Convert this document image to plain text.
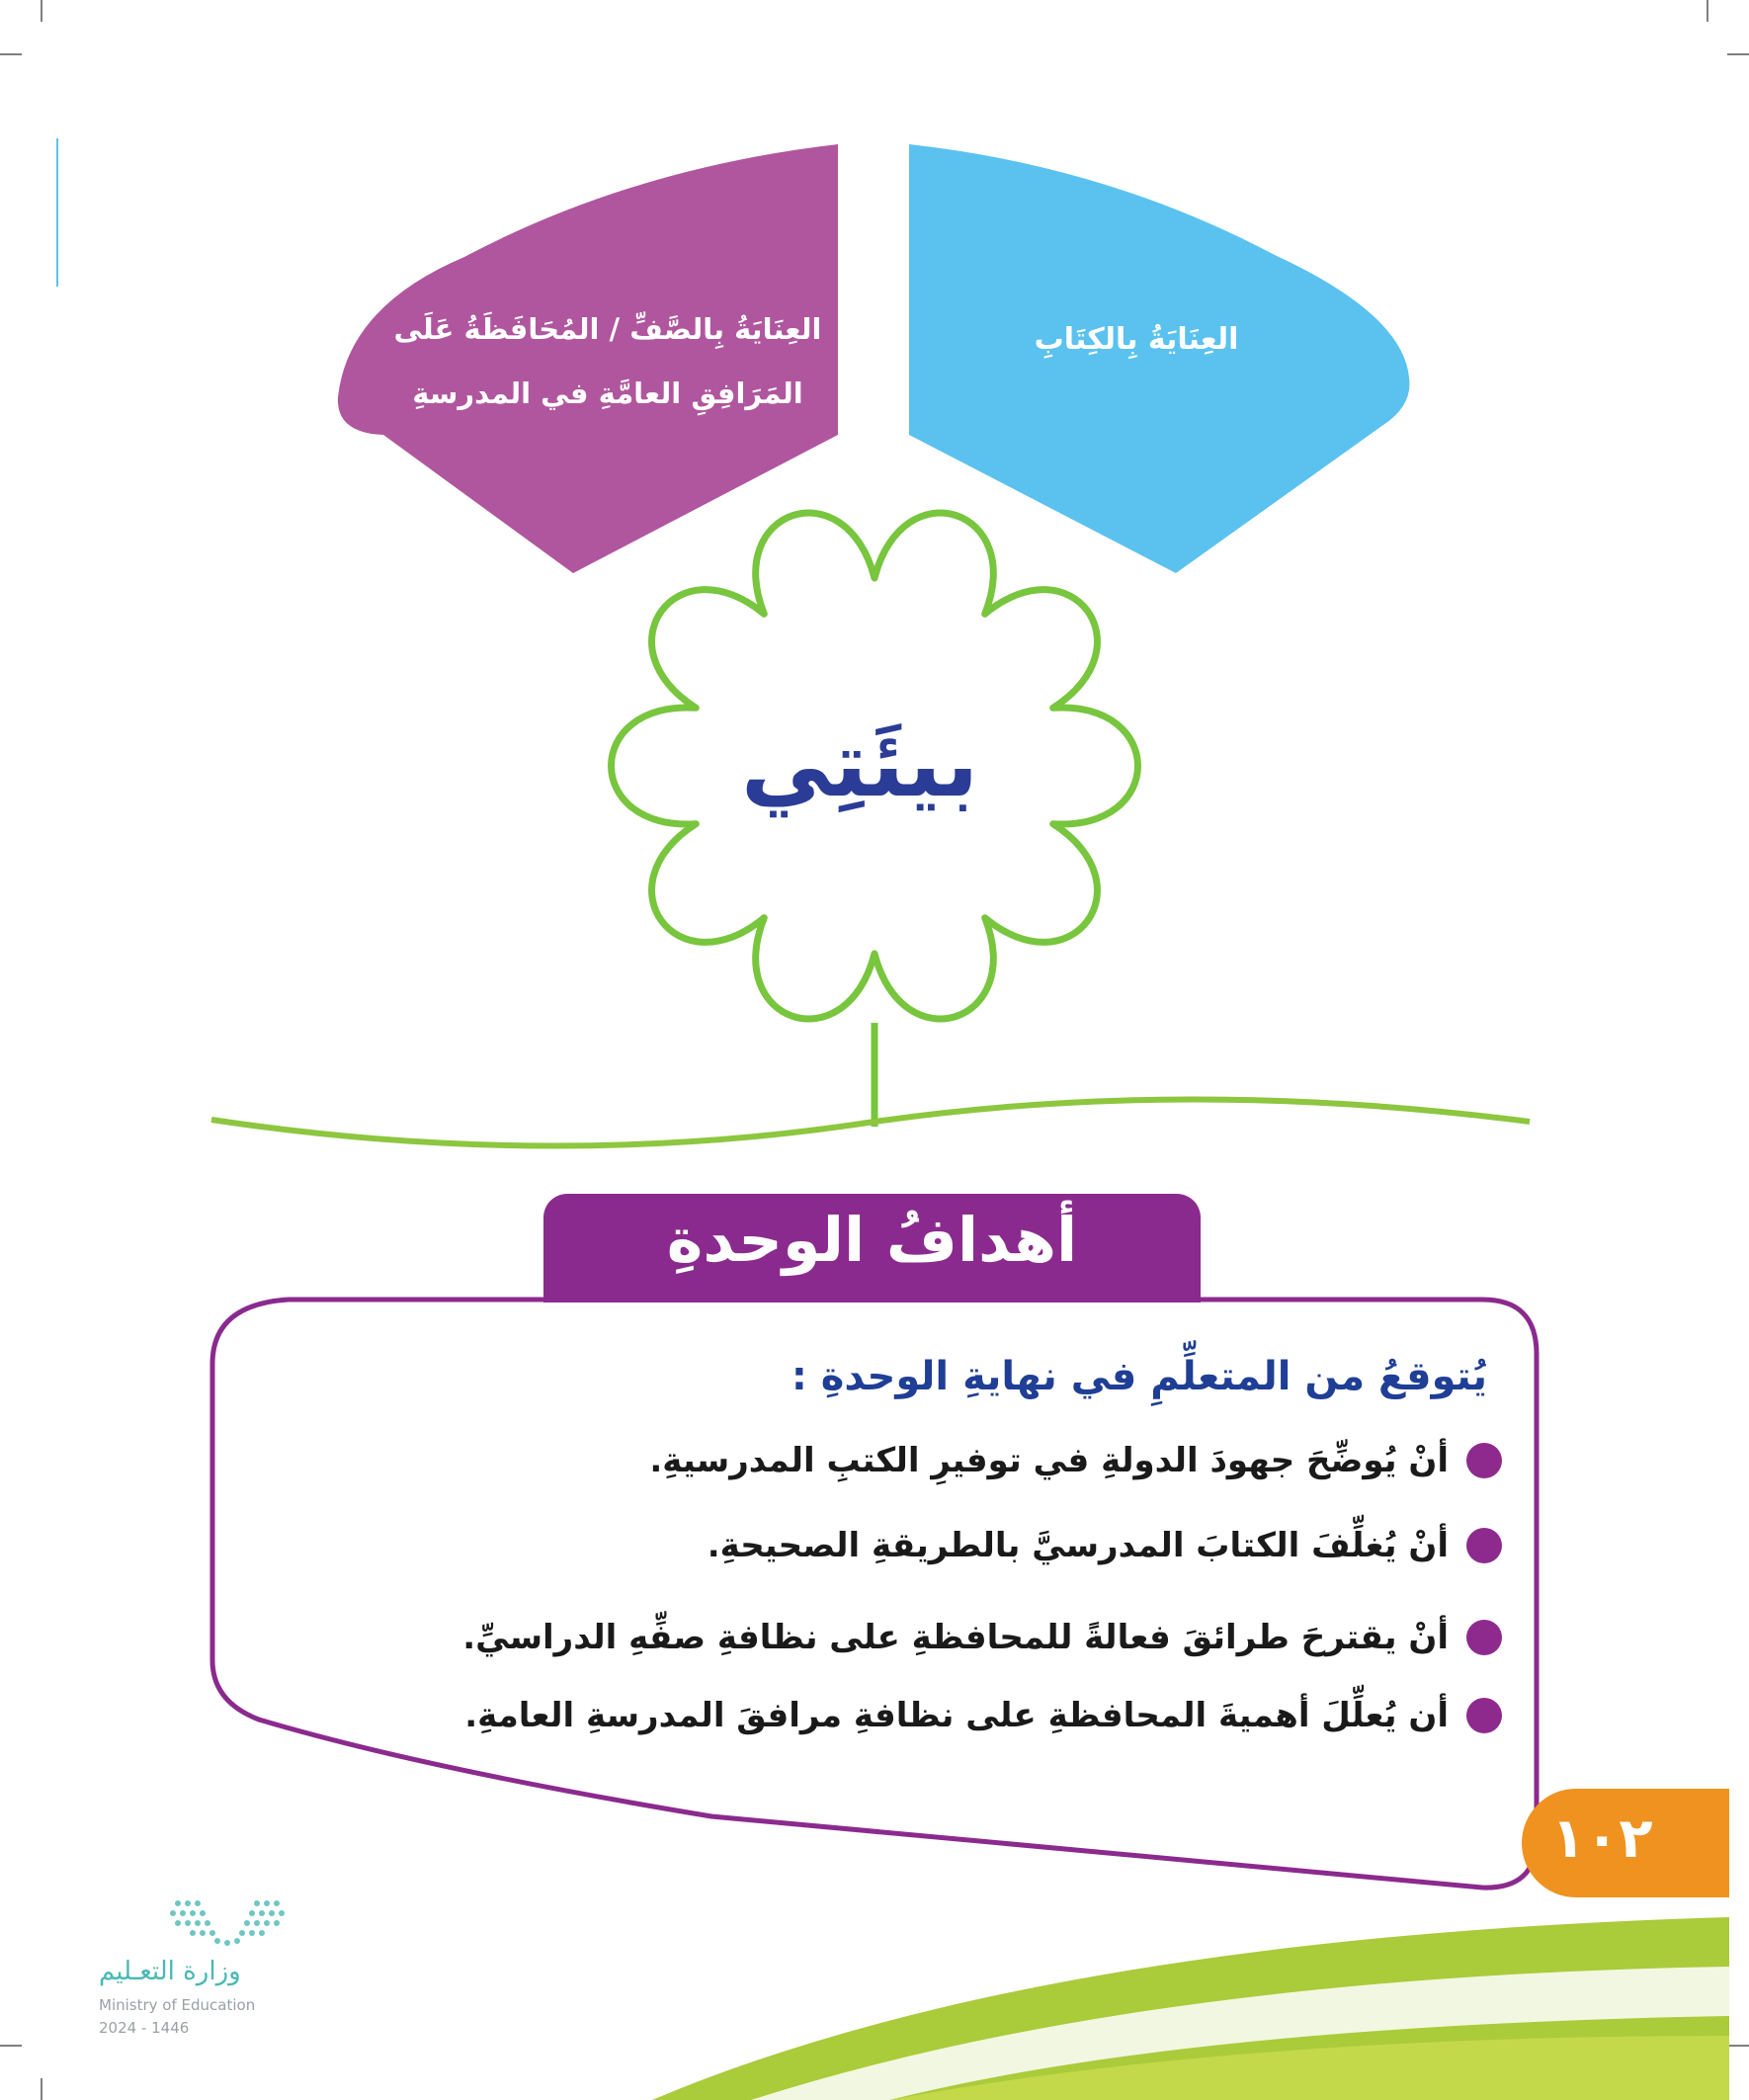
العِنَايَةُ بِالكِتَابِ
العِنَايَةُ بِالصَّفِّ / المُحَافَظَةُ عَلَى
المَرَافِقِ العامَّةِ في المدرسةِ
بيئَتِي
أهدافُ الوحدةِ
يُتوقعُ من المتعلِّمِ في نهايةِ الوحدةِ :
أنْ يُوضِّحَ جهودَ الدولةِ في توفيرِ الكتبِ المدرسيةِ.
أنْ يُغلِّفَ الكتابَ المدرسيَّ بالطريقةِ الصحيحةِ.
أنْ يقترحَ طرائقَ فعالةً للمحافظةِ على نظافةِ صفِّهِ الدراسيِّ.
أن يُعلِّلَ أهميةَ المحافظةِ على نظافةِ مرافقَ المدرسةِ العامةِ.
١٠٢
وزارة التعـليم
Ministry of Education
2024 - 1446
